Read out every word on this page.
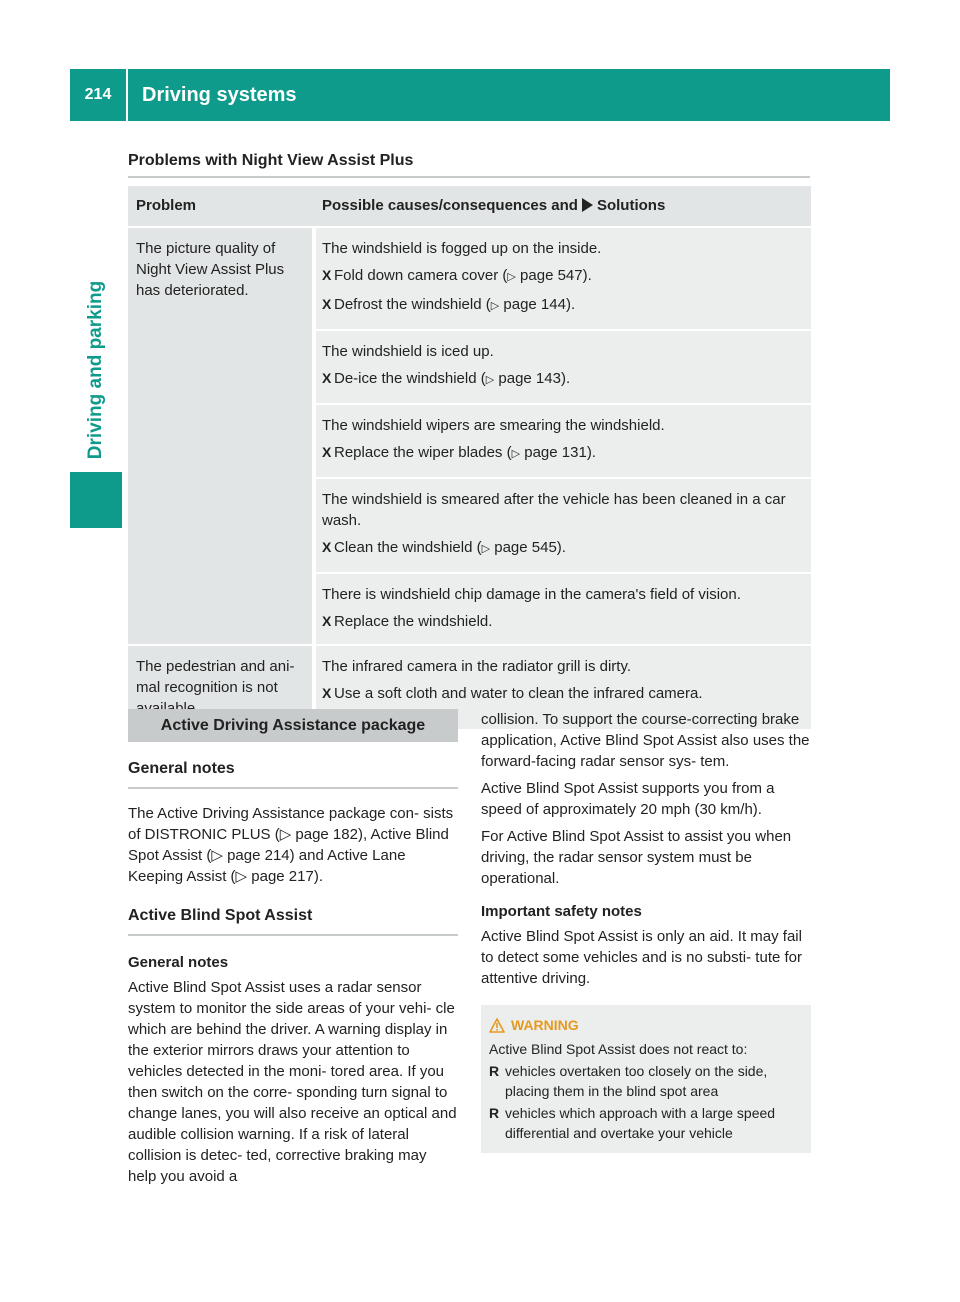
214	Driving systems
Driving and parking
Problems with Night View Assist Plus
Problem	Possible causes/consequences and Solutions
The picture quality of Night View Assist Plus has deteriorated.	The windshield is fogged up on the inside.

X Fold down camera cover (▷ page 547).
X Defrost the windshield (▷ page 144).

	The windshield is iced up.

X De-ice the windshield (▷ page 143).

	The windshield wipers are smearing the windshield.

X Replace the wiper blades (▷ page 131).

	The windshield is smeared after the vehicle has been cleaned in a car wash.

X Clean the windshield (▷ page 545).

	There is windshield chip damage in the camera's field of vision.

X Replace the windshield.

The pedestrian and ani- mal recognition is not	The infrared camera in the radiator grill is dirty.

X Use a soft cloth and water to clean the infrared camera.
Active Driving Assistance package
General notes

The Active Driving Assistance package con- sists of DISTRONIC PLUS (▷ page 182), Active Blind Spot Assist (▷ page 214) and Active Lane Keeping Assist (▷ page 217).

Active Blind Spot Assist
General notes

Active Blind Spot Assist uses a radar sensor system to monitor the side areas of your vehi- cle which are behind the driver. A warning display in the exterior mirrors draws your attention to vehicles detected in the moni- tored area. If you then switch on the corre- sponding turn signal to change lanes, you will also receive an optical and audible collision warning. If a risk of lateral collision is detec- ted, corrective braking may help you avoid a

collision. To support the course-correcting brake application, Active Blind Spot Assist also uses the forward-facing radar sensor sys- tem.

Active Blind Spot Assist supports you from a speed of approximately 20 mph (30 km/h).

For Active Blind Spot Assist to assist you when driving, the radar sensor system must be operational.

Important safety notes

Active Blind Spot Assist is only an aid. It may fail to detect some vehicles and is no substi- tute for attentive driving.

WARNING
Active Blind Spot Assist does not react to:
R vehicles overtaken too closely on the side, placing them in the blind spot area
R vehicles which approach with a large speed differential and overtake your vehicle
